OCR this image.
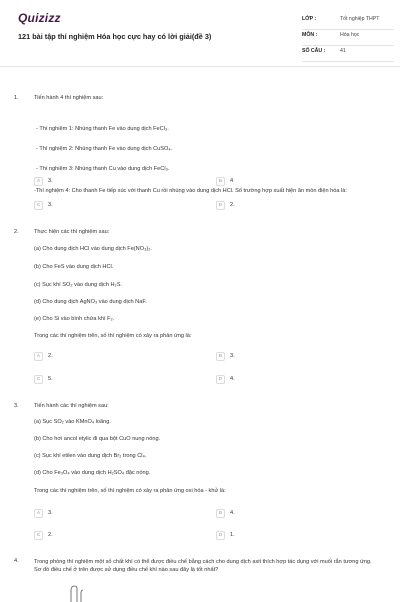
Quizizz
121 bài tập thí nghiệm Hóa học cực hay có lời giải(đề 3)
LỚP :	Tốt nghiệp THPT
MÔN :	Hóa học
SỐ CÂU :	41
1.	Tiến hành 4 thí nghiệm sau:
- Thí nghiệm 1: Nhúng thanh Fe vào dung dịch FeCl₃.
- Thí nghiệm 2: Nhúng thanh Fe vào dung dịch CuSO₄.
- Thí nghiệm 3: Nhúng thanh Cu vào dung dịch FeCl₃.
-Thí nghiệm 4: Cho thanh Fe tiếp xúc với thanh Cu rồi nhúng vào dung dịch HCl. Số trường hợp xuất hiện ăn mòn điện hóa là:
A	3.	B	4
C	3.	D	2.
2.	Thực hiện các thí nghiệm sau:
(a) Cho dung dịch HCl vào dung dịch Fe(NO₃)₂.
(b) Cho FeS vào dung dịch HCl.
(c) Sục khí SO₂ vào dung dịch H₂S.
(d) Cho dung dịch AgNO₃ vào dung dịch NaF.
(e) Cho Si vào bình chứa khí F₂.
Trong các thí nghiệm trên, số thí nghiệm có xảy ra phản ứng là:
A	2.	B	3.
C	5.	D	4.
3.	Tiến hành các thí nghiệm sau:
(a) Sục SO₂ vào KMnO₄ loãng.
(b) Cho hơi ancol etylic đi qua bột CuO nung nóng.
(c) Sục khí etilen vào dung dịch Br₂ trong Cl₄.
(d) Cho Fe₃O₄ vào dung dịch H₂SO₄ đặc nóng.
Trong các thí nghiệm trên, số thí nghiệm có xảy ra phản ứng oxi hóa - khử là:
A	3.	B	4.
C	2.	D	1.
4.	Trong phòng thí nghiệm một số chất khí có thể được điều chế bằng cách cho dung dịch axit thích hợp tác dụng với muối rắn tương ứng. Sơ đồ điều chế ở trên được sử dụng điều chế khí nào sau đây là tốt nhất?
